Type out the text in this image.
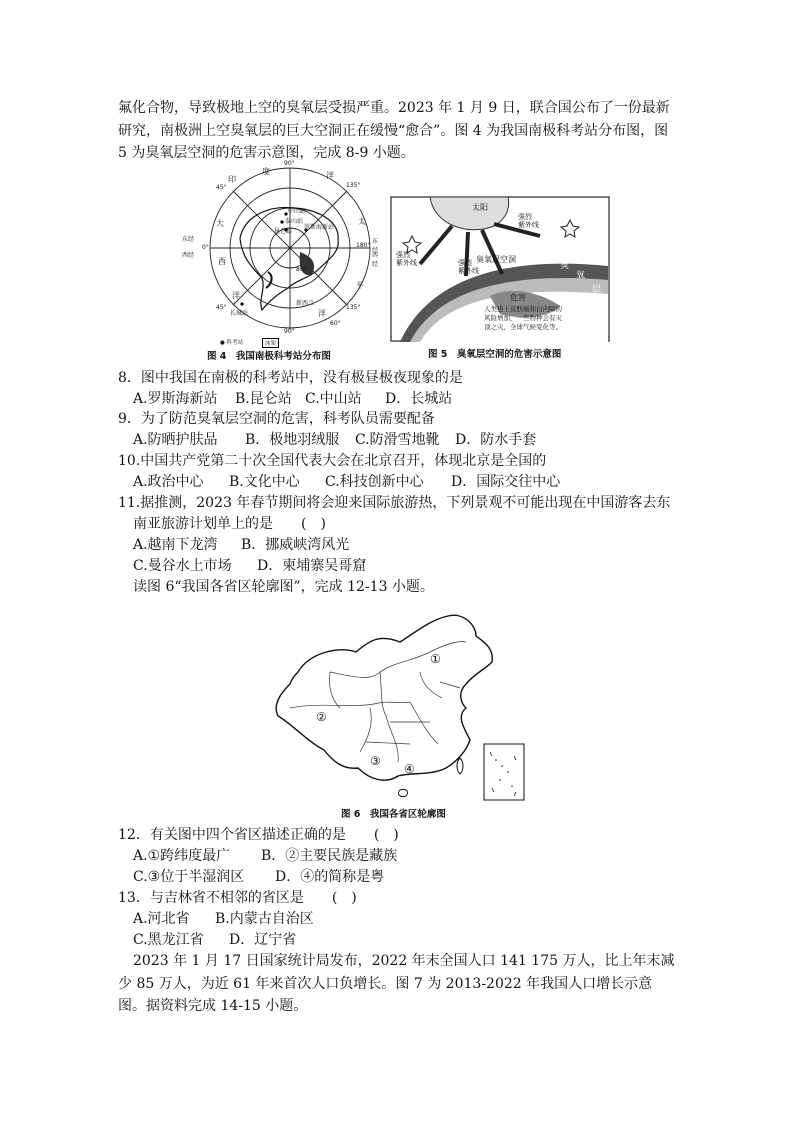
氟化合物，导致极地上空的臭氧层受损严重。2023 年 1 月 9 日，联合国公布了一份最新研究，南极洲上空臭氧层的巨大空洞正在缓慢“愈合”。图 4 为我国南极科考站分布图，图 5 为臭氧层空洞的危害示意图，完成 8-9 小题。
印
度	洋
大
西
洋
太
平
洋
90°
135°
45°
180°
45°	135°
90°
60°
0°
80°
东经
西经
东经
西经
中山站
泰山站
昆仑站
罗斯海新站
长城站
新西兰
● 科考站	冰架
图 4　我国南极科考站分布图
太阳
强烈
紫外线
强烈
紫外线	强烈
紫外线
臭氧层空洞
危害
臭
氧
层
人类患上皮肤癌和白内障的
风险增加，一些物种会有灭
顶之灾，全球气候变化等。
图 5　臭氧层空洞的危害示意图
8．图中我国在南极的科考站中，没有极昼极夜现象的是
A.罗斯海新站 B.昆仑站 C.中山站 D．长城站
9．为了防范臭氧层空洞的危害，科考队员需要配备
A.防晒护肤品 B．极地羽绒服 C.防滑雪地靴 D．防水手套
10.中国共产党第二十次全国代表大会在北京召开，体现北京是全国的
A.政治中心 B.文化中心 C.科技创新中心 D．国际交往中心
11.据推测，2023 年春节期间将会迎来国际旅游热，下列景观不可能出现在中国游客去东
南亚旅游计划单上的是　　(　)
A.越南下龙湾 B．挪威峡湾风光
C.曼谷水上市场 D．柬埔寨吴哥窟
读图 6“我国各省区轮廓图”，完成 12-13 小题。
①
②
③
④
图 6　我国各省区轮廓图
12．有关图中四个省区描述正确的是　　(　)
A.①跨纬度最广 B．②主要民族是藏族
C.③位于半湿润区 D．④的简称是粤
13．与吉林省不相邻的省区是　　(　)
A.河北省 B.内蒙古自治区
C.黑龙江省 D．辽宁省
2023 年 1 月 17 日国家统计局发布，2022 年末全国人口 141 175 万人，比上年末减少 85 万人，为近 61 年来首次人口负增长。图 7 为 2013-2022 年我国人口增长示意图。据资料完成 14-15 小题。
